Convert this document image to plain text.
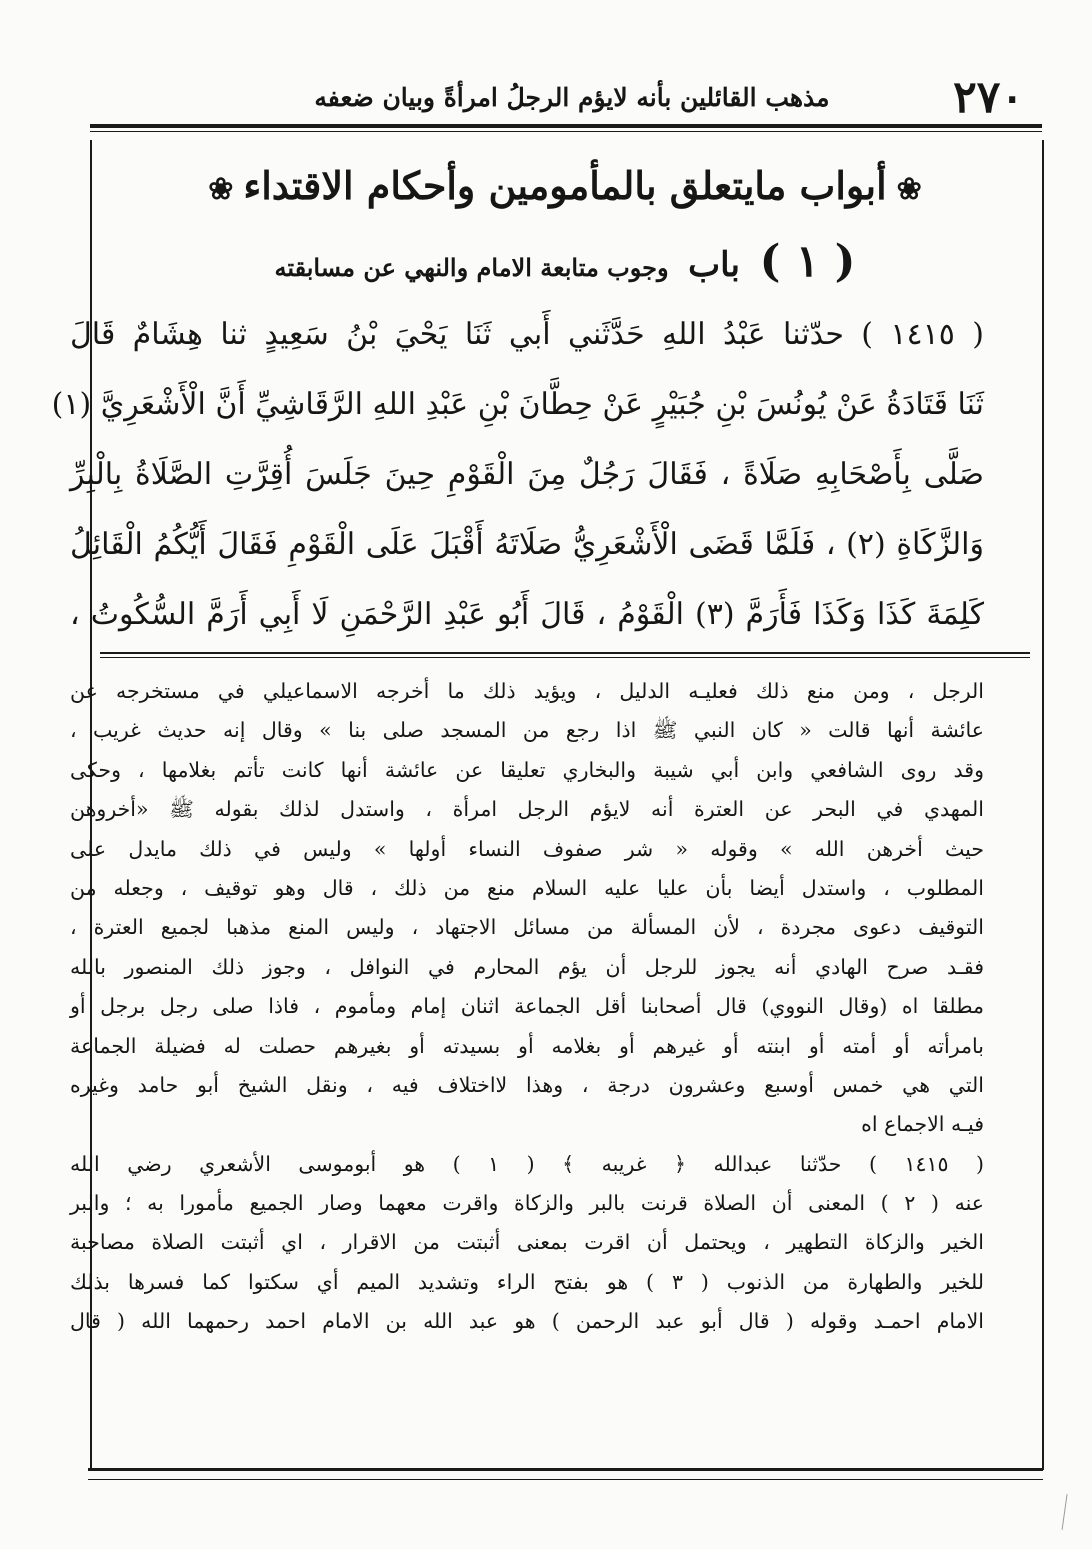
٢٧٠
مذهب القائلين بأنه لايؤم الرجلُ امرأةً وبيان ضعفه
❀أبواب مايتعلق بالمأمومين وأحكام الاقتداء❀
( ١ ) باب وجوب متابعة الامام والنهي عن مسابقته
( ١٤١٥ ) حدّثنا عَبْدُ اللهِ حَدَّثَني أَبي ثَنَا يَحْيَ بْنُ سَعِيدٍ ثنا هِشَامٌ قَالَ
ثَنَا قَتَادَةُ عَنْ يُونُسَ بْنِ جُبَيْرٍ عَنْ حِطَّانَ بْنِ عَبْدِ اللهِ الرَّقَاشِيِّ أَنَّ الْأَشْعَرِيَّ (١)
صَلَّى بِأَصْحَابِهِ صَلَاةً ، فَقَالَ رَجُلٌ مِنَ الْقَوْمِ حِينَ جَلَسَ أُقِرَّتِ الصَّلَاةُ بِالْبِرِّ
وَالزَّكَاةِ (٢) ، فَلَمَّا قَضَى الْأَشْعَرِيُّ صَلَاتَهُ أَقْبَلَ عَلَى الْقَوْمِ فَقَالَ أَيُّكُمُ الْقَائِلُ
كَلِمَةَ كَذَا وَكَذَا فَأَرَمَّ (٣) الْقَوْمُ ، قَالَ أَبُو عَبْدِ الرَّحْمَنِ لَا أَبِي أَرَمَّ السُّكُوتُ ،
الرجل ، ومن منع ذلك فعليـه الدليل ، ويؤيد ذلك ما أخرجه الاسماعيلي في مستخرجه عن
عائشة أنها قالت « كان النبي ﷺ اذا رجع من المسجد صلى بنا » وقال إنه حديث غريب ،
وقد روى الشافعي وابن أبي شيبة والبخاري تعليقا عن عائشة أنها كانت تأتم بغلامها ، وحكى
المهدي في البحر عن العترة أنه لايؤم الرجل امرأة ، واستدل لذلك بقوله ﷺ «أخروهن
حيث أخرهن الله » وقوله « شر صفوف النساء أولها » وليس في ذلك مايدل على
المطلوب ، واستدل أيضا بأن عليا عليه السلام منع من ذلك ، قال وهو توقيف ، وجعله من
التوقيف دعوى مجردة ، لأن المسألة من مسائل الاجتهاد ، وليس المنع مذهبا لجميع العترة ،
فقـد صرح الهادي أنه يجوز للرجل أن يؤم المحارم في النوافل ، وجوز ذلك المنصور بالله
مطلقا اه (وقال النووي) قال أصحابنا أقل الجماعة اثنان إمام ومأموم ، فاذا صلى رجل برجل أو
بامرأته أو أمته أو ابنته أو غيرهم أو بغلامه أو بسيدته أو بغيرهم حصلت له فضيلة الجماعة
التي هي خمس أوسبع وعشرون درجة ، وهذا لااختلاف فيه ، ونقل الشيخ أبو حامد وغيره
فيـه الاجماع اه
( ١٤١٥ ) حدّثنا عبدالله ﴿ غريبه ﴾ ( ١ ) هو أبوموسى الأشعري رضي الله
عنه ( ٢ ) المعنى أن الصلاة قرنت بالبر والزكاة واقرت معهما وصار الجميع مأمورا به ؛ والبر
الخير والزكاة التطهير ، ويحتمل أن اقرت بمعنى أثبتت من الاقرار ، اي أثبتت الصلاة مصاحبة
للخير والطهارة من الذنوب ( ٣ ) هو بفتح الراء وتشديد الميم أي سكتوا كما فسرها بذلك
الامام احمـد وقوله ( قال أبو عبد الرحمن ) هو عبد الله بن الامام احمد رحمهما الله ( قال
